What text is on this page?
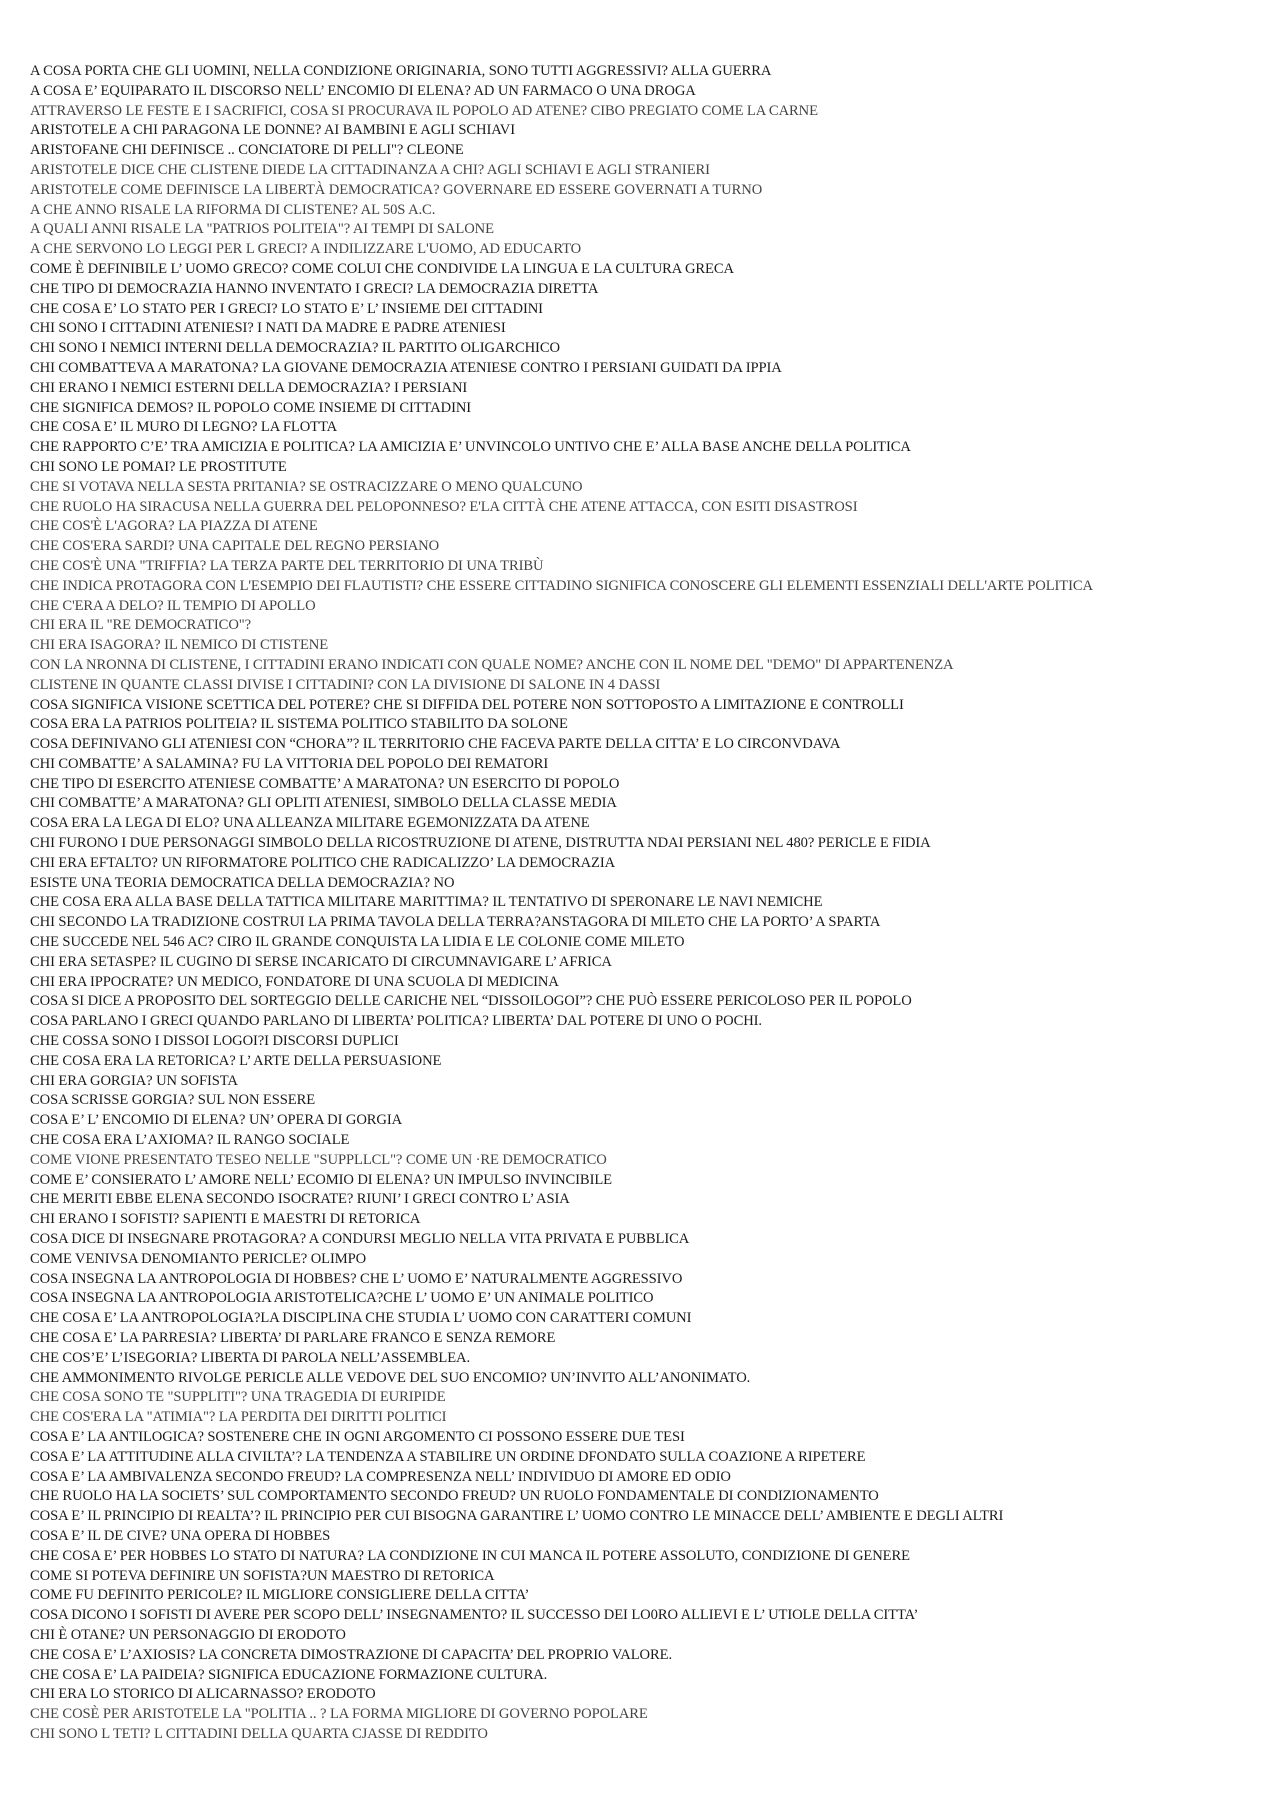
A COSA PORTA CHE GLI UOMINI, NELLA CONDIZIONE ORIGINARIA, SONO TUTTI AGGRESSIVI? ALLA GUERRA
A COSA E’ EQUIPARATO IL DISCORSO NELL’ ENCOMIO DI ELENA? AD UN FARMACO O UNA DROGA
ATTRAVERSO LE FESTE E I SACRIFICI, COSA SI PROCURAVA IL POPOLO AD ATENE? CIBO PREGIATO COME LA CARNE
ARISTOTELE A CHI PARAGONA LE DONNE? AI BAMBINI E AGLI SCHIAVI
ARISTOFANE CHI DEFINISCE .. CONCIATORE DI PELLI"? CLEONE
ARISTOTELE DICE CHE CLISTENE DIEDE LA CITTADINANZA A CHI? AGLI SCHIAVI E AGLI STRANIERI
ARISTOTELE COME DEFINISCE LA LIBERTÀ DEMOCRATICA? GOVERNARE ED ESSERE GOVERNATI A TURNO
A CHE ANNO RISALE LA RIFORMA DI CLISTENE? AL 50S A.C.
A QUALI ANNI RISALE LA "PATRIOS POLITEIA"? AI TEMPI DI SALONE
A CHE SERVONO LO LEGGI PER L GRECI? A INDILIZZARE L'UOMO, AD EDUCARTO
COME È DEFINIBILE L’ UOMO GRECO? COME COLUI CHE CONDIVIDE LA LINGUA E LA CULTURA GRECA
CHE TIPO DI DEMOCRAZIA HANNO INVENTATO I GRECI? LA DEMOCRAZIA DIRETTA
CHE COSA E’ LO STATO PER I GRECI? LO STATO E’ L’ INSIEME DEI CITTADINI
CHI SONO I CITTADINI ATENIESI? I NATI DA MADRE E PADRE ATENIESI
CHI SONO I NEMICI INTERNI DELLA DEMOCRAZIA? IL PARTITO OLIGARCHICO
CHI COMBATTEVA A MARATONA? LA GIOVANE DEMOCRAZIA ATENIESE CONTRO I PERSIANI GUIDATI DA IPPIA
CHI ERANO I NEMICI ESTERNI DELLA DEMOCRAZIA? I PERSIANI
CHE SIGNIFICA DEMOS? IL POPOLO COME INSIEME DI CITTADINI
CHE COSA E’ IL MURO DI LEGNO? LA FLOTTA
CHE RAPPORTO C’E’ TRA AMICIZIA E POLITICA? LA AMICIZIA E’ UNVINCOLO UNTIVO CHE E’ ALLA BASE ANCHE DELLA POLITICA
CHI SONO LE POMAI? LE PROSTITUTE
CHE SI VOTAVA NELLA SESTA PRITANIA? SE OSTRACIZZARE O MENO QUALCUNO
CHE RUOLO HA SIRACUSA NELLA GUERRA DEL PELOPONNESO? E'LA CITTÀ CHE ATENE ATTACCA, CON ESITI DISASTROSI
CHE COS'È L'AGORA? LA PIAZZA DI ATENE
CHE COS'ERA SARDI? UNA CAPITALE DEL REGNO PERSIANO
CHE COS'È UNA "TRIFFIA? LA TERZA PARTE DEL TERRITORIO DI UNA TRIBÙ
CHE INDICA PROTAGORA CON L'ESEMPIO DEI FLAUTISTI? CHE ESSERE CITTADINO SIGNIFICA CONOSCERE GLI ELEMENTI ESSENZIALI DELL'ARTE POLITICA
CHE C'ERA A DELO? IL TEMPIO DI APOLLO
CHI ERA IL "RE DEMOCRATICO"?
CHI ERA ISAGORA? IL NEMICO DI CTISTENE
CON LA NRONNA DI CLISTENE, I CITTADINI ERANO INDICATI CON QUALE NOME? ANCHE CON IL NOME DEL "DEMO" DI APPARTENENZA
CLISTENE IN QUANTE CLASSI DIVISE I CITTADINI? CON LA DIVISIONE DI SALONE IN 4 DASSI
COSA SIGNIFICA VISIONE SCETTICA DEL POTERE? CHE SI DIFFIDA DEL POTERE NON SOTTOPOSTO A LIMITAZIONE E CONTROLLI
COSA ERA LA PATRIOS POLITEIA? IL SISTEMA POLITICO STABILITO DA SOLONE
COSA DEFINIVANO GLI ATENIESI CON “CHORA”? IL TERRITORIO CHE FACEVA PARTE DELLA CITTA’ E LO CIRCONVDAVA
CHI COMBATTE’ A SALAMINA? FU LA VITTORIA DEL POPOLO DEI REMATORI
CHE TIPO DI ESERCITO ATENIESE COMBATTE’ A MARATONA? UN ESERCITO DI POPOLO
CHI COMBATTE’ A MARATONA? GLI OPLITI ATENIESI, SIMBOLO DELLA CLASSE MEDIA
COSA ERA LA LEGA DI ELO? UNA ALLEANZA MILITARE EGEMONIZZATA DA ATENE
CHI FURONO I DUE PERSONAGGI SIMBOLO DELLA RICOSTRUZIONE DI ATENE, DISTRUTTA NDAI PERSIANI NEL 480? PERICLE E FIDIA
CHI ERA EFTALTO? UN RIFORMATORE POLITICO CHE RADICALIZZO’ LA DEMOCRAZIA
ESISTE UNA TEORIA DEMOCRATICA DELLA DEMOCRAZIA? NO
CHE COSA ERA ALLA BASE DELLA TATTICA MILITARE MARITTIMA? IL TENTATIVO DI SPERONARE LE NAVI NEMICHE
CHI SECONDO LA TRADIZIONE COSTRUI LA PRIMA TAVOLA DELLA TERRA?ANSTAGORA DI MILETO CHE LA PORTO’ A SPARTA
CHE SUCCEDE NEL 546 AC? CIRO IL GRANDE CONQUISTA LA LIDIA E LE COLONIE COME MILETO
CHI ERA SETASPE? IL CUGINO DI SERSE INCARICATO DI CIRCUMNAVIGARE L’ AFRICA
CHI ERA IPPOCRATE? UN MEDICO, FONDATORE DI UNA SCUOLA DI MEDICINA
COSA SI DICE A PROPOSITO DEL SORTEGGIO DELLE CARICHE NEL “DISSOILOGOI”? CHE PUÒ ESSERE PERICOLOSO PER IL POPOLO
COSA PARLANO I GRECI QUANDO PARLANO DI LIBERTA’ POLITICA? LIBERTA’ DAL POTERE DI UNO O POCHI.
CHE COSSA SONO I DISSOI LOGOI?I DISCORSI DUPLICI
CHE COSA ERA LA RETORICA? L’ ARTE DELLA PERSUASIONE
CHI ERA GORGIA? UN SOFISTA
COSA SCRISSE GORGIA? SUL NON ESSERE
COSA E’ L’ ENCOMIO DI ELENA? UN’ OPERA DI GORGIA
CHE COSA ERA L’AXIOMA? IL RANGO SOCIALE
COME VIONE PRESENTATO TESEO NELLE "SUPPLLCL"? COME UN ·RE DEMOCRATICO
COME E’ CONSIERATO L’ AMORE NELL’ ECOMIO DI ELENA? UN IMPULSO INVINCIBILE
CHE MERITI EBBE ELENA SECONDO ISOCRATE? RIUNI’ I GRECI CONTRO L’ ASIA
CHI ERANO I SOFISTI? SAPIENTI E MAESTRI DI RETORICA
COSA DICE DI INSEGNARE PROTAGORA? A CONDURSI MEGLIO NELLA VITA PRIVATA E PUBBLICA
COME VENIVSA DENOMIANTO PERICLE? OLIMPO
COSA INSEGNA LA ANTROPOLOGIA DI HOBBES? CHE L’ UOMO E’ NATURALMENTE AGGRESSIVO
COSA INSEGNA LA ANTROPOLOGIA ARISTOTELICA?CHE L’ UOMO E’ UN ANIMALE POLITICO
CHE COSA E’ LA ANTROPOLOGIA?LA DISCIPLINA CHE STUDIA L’ UOMO CON CARATTERI COMUNI
CHE COSA E’ LA PARRESIA? LIBERTA’ DI PARLARE FRANCO E SENZA REMORE
CHE COS’E’ L’ISEGORIA? LIBERTA DI PAROLA NELL’ASSEMBLEA.
CHE AMMONIMENTO RIVOLGE PERICLE ALLE VEDOVE DEL SUO ENCOMIO? UN’INVITO ALL’ANONIMATO.
CHE COSA SONO TE "SUPPLITI"? UNA TRAGEDIA DI EURIPIDE
CHE COS'ERA LA "ATIMIA"? LA PERDITA DEI DIRITTI POLITICI
COSA E’ LA ANTILOGICA? SOSTENERE CHE IN OGNI ARGOMENTO CI POSSONO ESSERE DUE TESI
COSA E’ LA ATTITUDINE ALLA CIVILTA’? LA TENDENZA A STABILIRE UN ORDINE DFONDATO SULLA COAZIONE A RIPETERE
COSA E’ LA AMBIVALENZA SECONDO FREUD? LA COMPRESENZA NELL’ INDIVIDUO DI AMORE ED ODIO
CHE RUOLO HA LA SOCIETS’ SUL COMPORTAMENTO SECONDO FREUD? UN RUOLO FONDAMENTALE DI CONDIZIONAMENTO
COSA E’ IL PRINCIPIO DI REALTA’? IL PRINCIPIO PER CUI BISOGNA GARANTIRE L’ UOMO CONTRO LE MINACCE DELL’ AMBIENTE E DEGLI ALTRI
COSA E’ IL DE CIVE? UNA OPERA DI HOBBES
CHE COSA E’ PER HOBBES LO STATO DI NATURA? LA CONDIZIONE IN CUI MANCA IL POTERE ASSOLUTO, CONDIZIONE DI GENERE
COME SI POTEVA DEFINIRE UN SOFISTA?UN MAESTRO DI RETORICA
COME FU DEFINITO PERICOLE? IL MIGLIORE CONSIGLIERE DELLA CITTA’
COSA DICONO I SOFISTI DI AVERE PER SCOPO DELL’ INSEGNAMENTO? IL SUCCESSO DEI LO0RO ALLIEVI E L’ UTIOLE DELLA CITTA’
CHI È OTANE? UN PERSONAGGIO DI ERODOTO
CHE COSA E’ L’AXIOSIS? LA CONCRETA DIMOSTRAZIONE DI CAPACITA’ DEL PROPRIO VALORE.
CHE COSA E’ LA PAIDEIA? SIGNIFICA EDUCAZIONE FORMAZIONE CULTURA.
CHI ERA LO STORICO DI ALICARNASSO? ERODOTO
CHE COSÈ PER ARISTOTELE LA "POLITIA .. ? LA FORMA MIGLIORE DI GOVERNO POPOLARE
CHI SONO L TETI? L CITTADINI DELLA QUARTA CJASSE DI REDDITO
